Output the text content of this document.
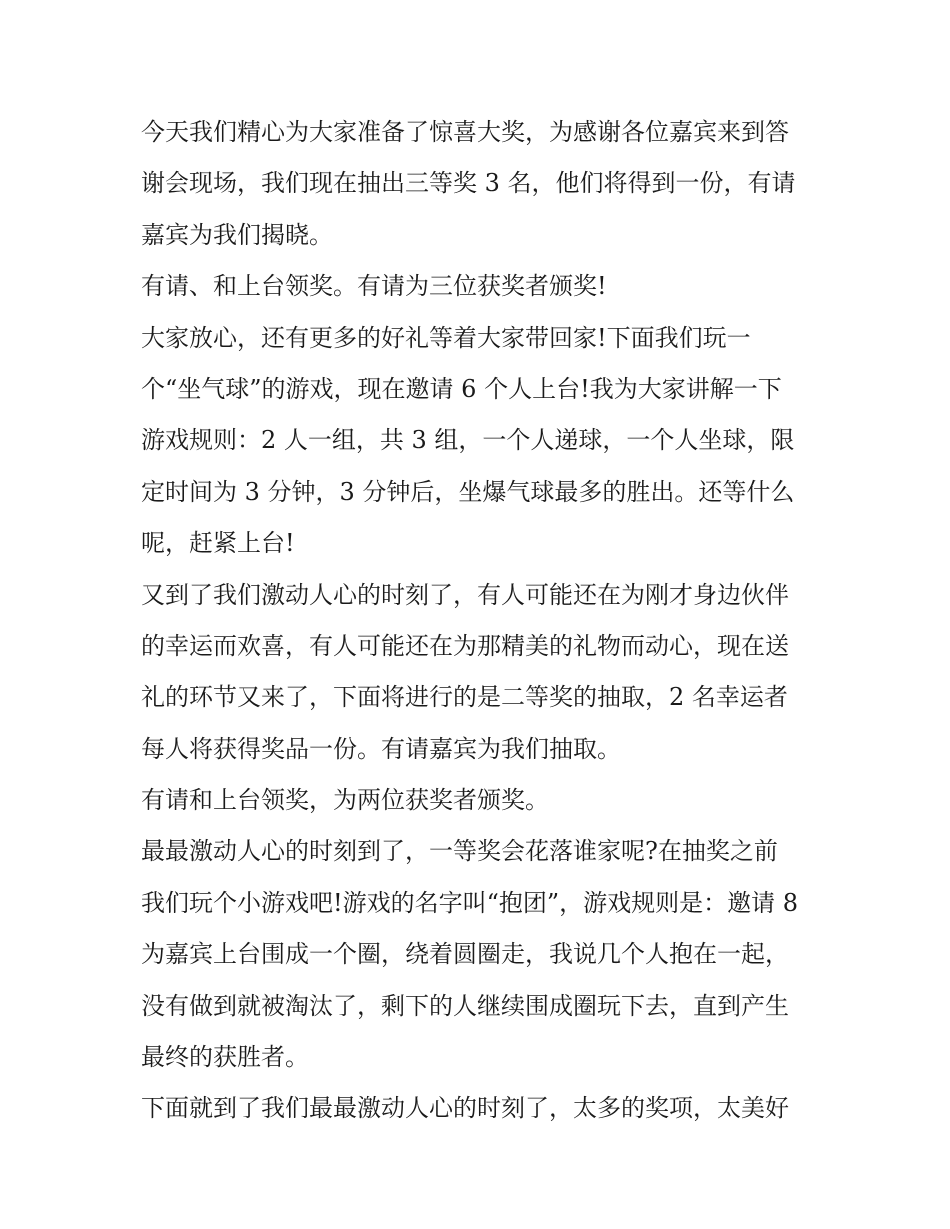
今天我们精心为大家准备了惊喜大奖，为感谢各位嘉宾来到答
谢会现场，我们现在抽出三等奖 3 名，他们将得到一份，有请
嘉宾为我们揭晓。
有请、和上台领奖。有请为三位获奖者颁奖!
大家放心，还有更多的好礼等着大家带回家!下面我们玩一
个“坐气球”的游戏，现在邀请 6 个人上台!我为大家讲解一下
游戏规则：2 人一组，共 3 组，一个人递球，一个人坐球，限
定时间为 3 分钟，3 分钟后，坐爆气球最多的胜出。还等什么
呢，赶紧上台!
又到了我们激动人心的时刻了，有人可能还在为刚才身边伙伴
的幸运而欢喜，有人可能还在为那精美的礼物而动心，现在送
礼的环节又来了，下面将进行的是二等奖的抽取，2 名幸运者
每人将获得奖品一份。有请嘉宾为我们抽取。
有请和上台领奖，为两位获奖者颁奖。
最最激动人心的时刻到了，一等奖会花落谁家呢?在抽奖之前
我们玩个小游戏吧!游戏的名字叫“抱团”，游戏规则是：邀请 8
为嘉宾上台围成一个圈，绕着圆圈走，我说几个人抱在一起，
没有做到就被淘汰了，剩下的人继续围成圈玩下去，直到产生
最终的获胜者。
下面就到了我们最最激动人心的时刻了，太多的奖项，太美好
